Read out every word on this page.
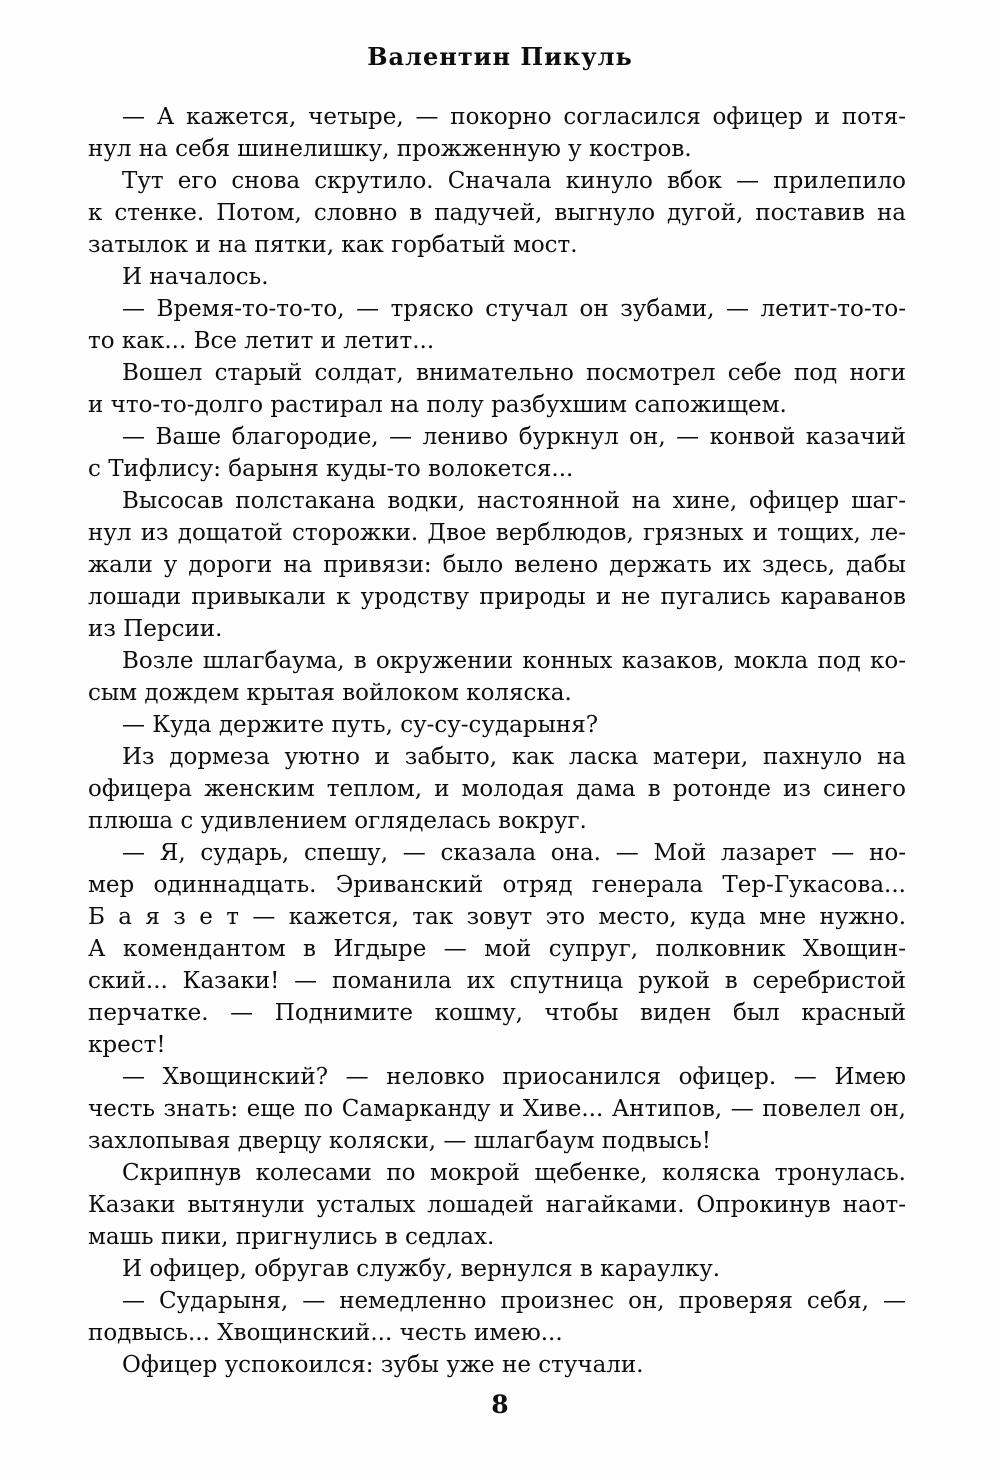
Валентин Пикуль
— А кажется, четыре, — покорно согласился офицер и потя-
нул на себя шинелишку, прожженную у костров.
Тут его снова скрутило. Сначала кинуло вбок — прилепило
к стенке. Потом, словно в падучей, выгнуло дугой, поставив на
затылок и на пятки, как горбатый мост.
И началось.
— Время-то-то-то, — тряско стучал он зубами, — летит-то-то-
то как... Все летит и летит...
Вошел старый солдат, внимательно посмотрел себе под ноги
и что-то-долго растирал на полу разбухшим сапожищем.
— Ваше благородие, — лениво буркнул он, — конвой казачий
с Тифлису: барыня куды-то волокется...
Высосав полстакана водки, настоянной на хине, офицер шаг-
нул из дощатой сторожки. Двое верблюдов, грязных и тощих, ле-
жали у дороги на привязи: было велено держать их здесь, дабы
лошади привыкали к уродству природы и не пугались караванов
из Персии.
Возле шлагбаума, в окружении конных казаков, мокла под ко-
сым дождем крытая войлоком коляска.
— Куда держите путь, су-су-сударыня?
Из дормеза уютно и забыто, как ласка матери, пахнуло на
офицера женским теплом, и молодая дама в ротонде из синего
плюша с удивлением огляделась вокруг.
— Я, сударь, спешу, — сказала она. — Мой лазарет — но-
мер одиннадцать. Эриванский отряд генерала Тер-Гукасова...
Б а я з е т — кажется, так зовут это место, куда мне нужно.
А комендантом в Игдыре — мой супруг, полковник Хвощин-
ский... Казаки! — поманила их спутница рукой в серебристой
перчатке. — Поднимите кошму, чтобы виден был красный
крест!
— Хвощинский? — неловко приосанился офицер. — Имею
честь знать: еще по Самарканду и Хиве... Антипов, — повелел он,
захлопывая дверцу коляски, — шлагбаум подвысь!
Скрипнув колесами по мокрой щебенке, коляска тронулась.
Казаки вытянули усталых лошадей нагайками. Опрокинув наот-
машь пики, пригнулись в седлах.
И офицер, обругав службу, вернулся в караулку.
— Сударыня, — немедленно произнес он, проверяя себя, —
подвысь... Хвощинский... честь имею...
Офицер успокоился: зубы уже не стучали.
8
